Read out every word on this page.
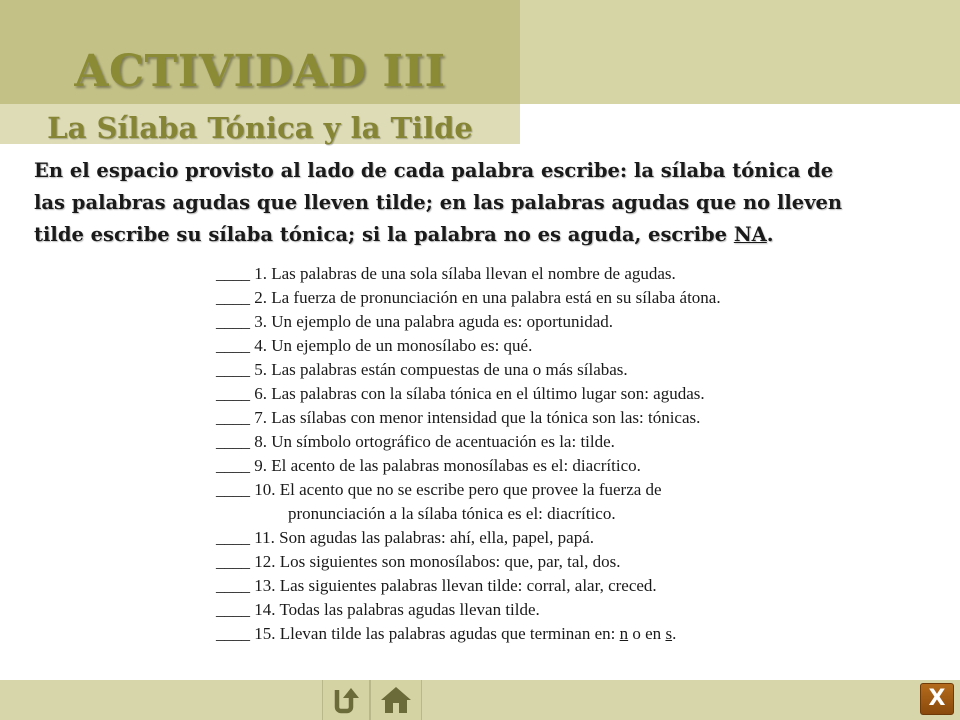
ACTIVIDAD III
La Sílaba Tónica y la Tilde

En el espacio provisto al lado de cada palabra escribe: la sílaba tónica de las palabras agudas que lleven tilde; en las palabras agudas que no lleven tilde escribe su sílaba tónica; si la palabra no es aguda, escribe NA.

____ 1. Las palabras de una sola sílaba llevan el nombre de agudas.
____ 2. La fuerza de pronunciación en una palabra está en su sílaba átona.
____ 3. Un ejemplo de una palabra aguda es: oportunidad.
____ 4. Un ejemplo de un monosílabo es: qué.
____ 5. Las palabras están compuestas de una o más sílabas.
____ 6. Las palabras con la sílaba tónica en el último lugar son: agudas.
____ 7. Las sílabas con menor intensidad que la tónica son las: tónicas.
____ 8. Un símbolo ortográfico de acentuación es la: tilde.
____ 9. El acento de las palabras monosílabas es el: diacrítico.
____ 10. El acento que no se escribe pero que provee la fuerza de
pronunciación a la sílaba tónica es el: diacrítico.
____ 11. Son agudas las palabras: ahí, ella, papel, papá.
____ 12. Los siguientes son monosílabos: que, par, tal, dos.
____ 13. Las siguientes palabras llevan tilde: corral, alar, creced.
____ 14. Todas las palabras agudas llevan tilde.
____ 15. Llevan tilde las palabras agudas que terminan en: n o en s.
X
